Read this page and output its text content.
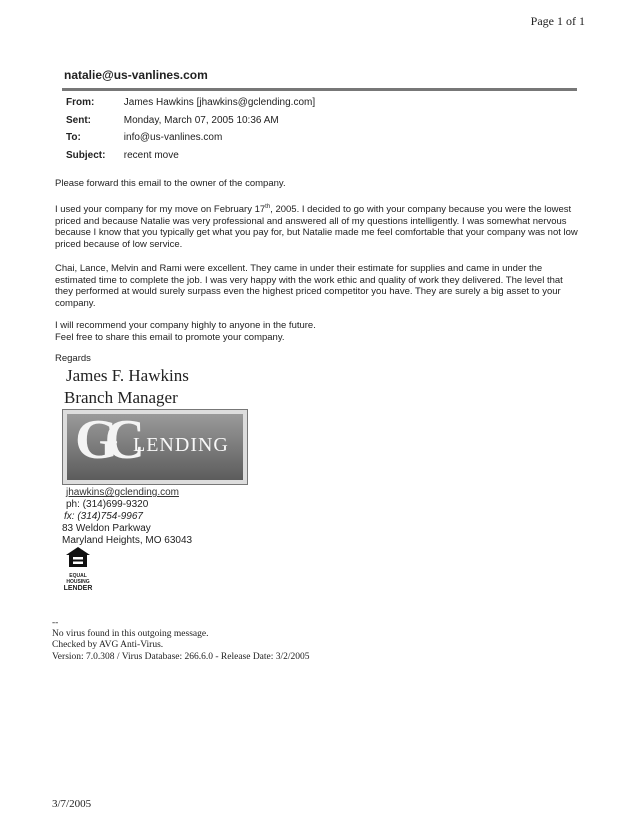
Page 1 of 1
natalie@us-vanlines.com
From:	James Hawkins [jhawkins@gclending.com]
Sent:	Monday, March 07, 2005 10:36 AM
To:	info@us-vanlines.com
Subject: recent move
Please forward this email to the owner of the company.

I used your company for my move on February 17th, 2005. I decided to go with your company because you were the lowest priced and because Natalie was very professional and answered all of my questions intelligently. I was somewhat nervous because I know that you typically get what you pay for, but Natalie made me feel comfortable that your company was not low priced because of low service.

Chai, Lance, Melvin and Rami were excellent. They came in under their estimate for supplies and came in under the estimated time to complete the job. I was very happy with the work ethic and quality of work they delivered. The level that they performed at would surely surpass even the highest priced competitor you have. They are surely a big asset to your company.

I will recommend your company highly to anyone in the future.

Feel free to share this email to promote your company.

Regards
James F. Hawkins
Branch Manager
GC LENDING
jhawkins@gclending.com
ph: (314)699-9320
fx: (314)754-9967
83 Weldon Parkway
Maryland Heights, MO 63043
EQUAL HOUSING
LENDER
--
No virus found in this outgoing message.
Checked by AVG Anti-Virus.
Version: 7.0.308 / Virus Database: 266.6.0 - Release Date: 3/2/2005
3/7/2005
